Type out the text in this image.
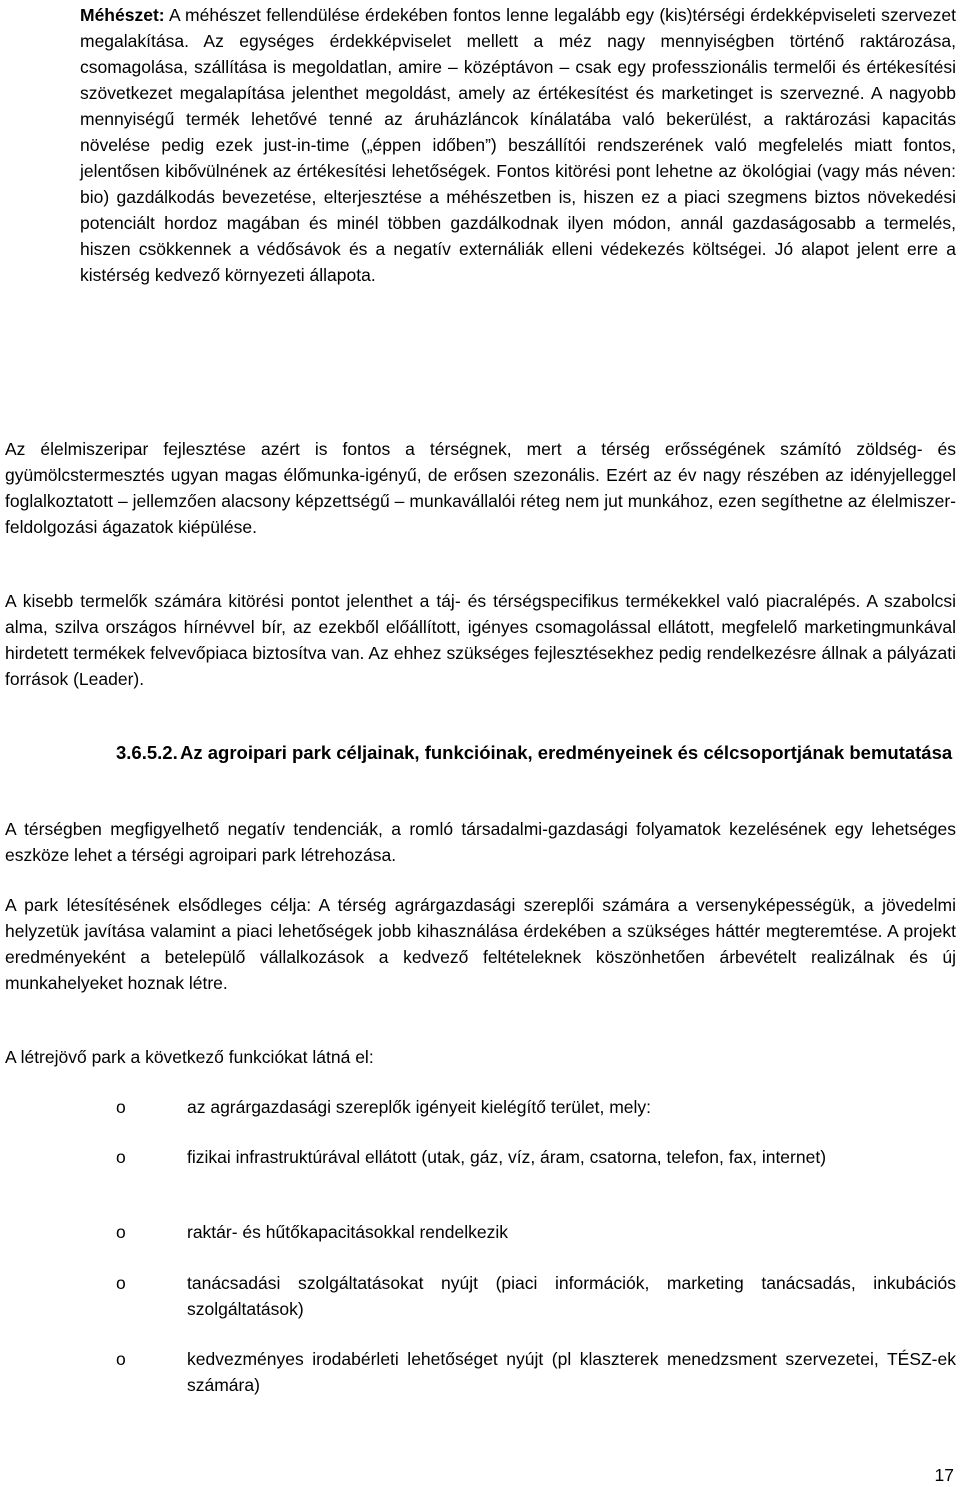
Méhészet: A méhészet fellendülése érdekében fontos lenne legalább egy (kis)térségi érdekképviseleti szervezet megalakítása. Az egységes érdekképviselet mellett a méz nagy mennyiségben történő raktározása, csomagolása, szállítása is megoldatlan, amire – középtávon – csak egy professzionális termelői és értékesítési szövetkezet megalapítása jelenthet megoldást, amely az értékesítést és marketinget is szervezné. A nagyobb mennyiségű termék lehetővé tenné az áruházláncok kínálatába való bekerülést, a raktározási kapacitás növelése pedig ezek just-in-time („éppen időben”) beszállítói rendszerének való megfelelés miatt fontos, jelentősen kibővülnének az értékesítési lehetőségek. Fontos kitörési pont lehetne az ökológiai (vagy más néven: bio) gazdálkodás bevezetése, elterjesztése a méhészetben is, hiszen ez a piaci szegmens biztos növekedési potenciált hordoz magában és minél többen gazdálkodnak ilyen módon, annál gazdaságosabb a termelés, hiszen csökkennek a védősávok és a negatív externáliák elleni védekezés költségei. Jó alapot jelent erre a kistérség kedvező környezeti állapota.

Az élelmiszeripar fejlesztése azért is fontos a térségnek, mert a térség erősségének számító zöldség- és gyümölcstermesztés ugyan magas élőmunka-igényű, de erősen szezonális. Ezért az év nagy részében az idényjelleggel foglalkoztatott – jellemzően alacsony képzettségű – munkavállalói réteg nem jut munkához, ezen segíthetne az élelmiszer-feldolgozási ágazatok kiépülése.

A kisebb termelők számára kitörési pontot jelenthet a táj- és térségspecifikus termékekkel való piacralépés. A szabolcsi alma, szilva országos hírnévvel bír, az ezekből előállított, igényes csomagolással ellátott, megfelelő marketingmunkával hirdetett termékek felvevőpiaca biztosítva van. Az ehhez szükséges fejlesztésekhez pedig rendelkezésre állnak a pályázati források (Leader).

3.6.5.2. Az agroipari park céljainak, funkcióinak, eredményeinek és célcsoportjának bemutatása

A térségben megfigyelhető negatív tendenciák, a romló társadalmi-gazdasági folyamatok kezelésének egy lehetséges eszköze lehet a térségi agroipari park létrehozása.

A park létesítésének elsődleges célja: A térség agrárgazdasági szereplői számára a versenyképességük, a jövedelmi helyzetük javítása valamint a piaci lehetőségek jobb kihasználása érdekében a szükséges háttér megteremtése. A projekt eredményeként a betelepülő vállalkozások a kedvező feltételeknek köszönhetően árbevételt realizálnak és új munkahelyeket hoznak létre.

A létrejövő park a következő funkciókat látná el:

o	az agrárgazdasági szereplők igényeit kielégítő terület, mely:
o	fizikai infrastruktúrával ellátott (utak, gáz, víz, áram, csatorna, telefon, fax, internet)
o	raktár- és hűtőkapacitásokkal rendelkezik
o	tanácsadási szolgáltatásokat nyújt (piaci információk, marketing tanácsadás, inkubációs szolgáltatások)
o	kedvezményes irodabérleti lehetőséget nyújt (pl klaszterek menedzsment szervezetei, TÉSZ-ek számára)
17
